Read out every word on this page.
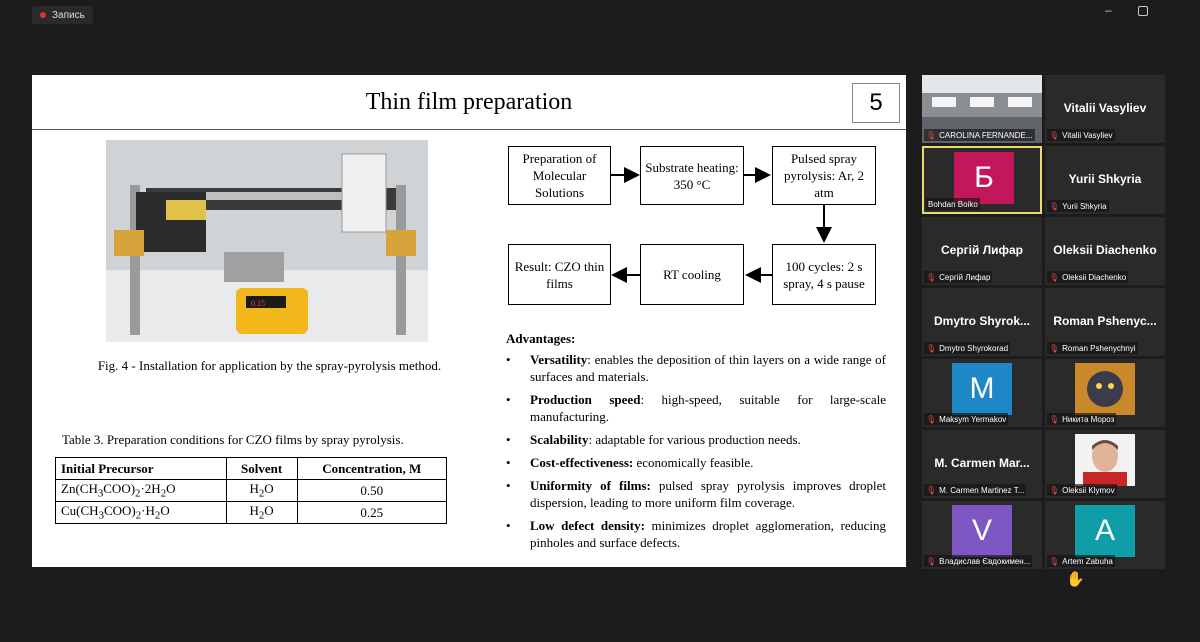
Запись	–
Thin film preparation	5
0.15
Fig. 4 - Installation for application by the spray-pyrolysis method.
Table 3. Preparation conditions for CZO films by spray pyrolysis.
Initial Precursor	Solvent	Concentration, M
$Zn(CH_3COO)_2\cdot 2H_2O$	$H_2O$	0.50
$Cu(CH_3COO)_2\cdot H_2O$	$H_2O$	0.25
Preparation of Molecular Solutions
Substrate heating: 350 °C
Pulsed spray pyrolysis: Ar, 2 atm
100 cycles: 2 s spray, 4 s pause
RT cooling
Result: CZO thin films
Advantages:
• Versatility: enables the deposition of thin layers on a wide range of surfaces and materials.
• Production speed: high-speed, suitable for large-scale manufacturing.
• Scalability: adaptable for various production needs.
• Cost-effectiveness: economically feasible.
• Uniformity of films: pulsed spray pyrolysis improves droplet dispersion, leading to more uniform film coverage.
• Low defect density: minimizes droplet agglomeration, reducing pinholes and surface defects.
🎙 CAROLINA FERNANDE...
Vitalii Vasyliev
🎙 Vitalii Vasyliev
Б
Bohdan Boiko
Yurii Shkyria
🎙 Yurii Shkyria
Сергій Лифар
🎙 Сергій Лифар
Oleksii Diachenko
🎙 Oleksii Diachenko
Dmytro Shyrok...
🎙 Dmytro Shyrokorad
Roman Pshenyc...
🎙 Roman Pshenychnyi
M
🎙 Maksym Yermakov	🎙 Никита Мороз
M. Carmen Mar...
🎙 M. Carmen Martinez T...	🎙 Oleksii Klymov
V
🎙 Владислав Євдокимен...
A
🎙 Artem Zabuha
✋
